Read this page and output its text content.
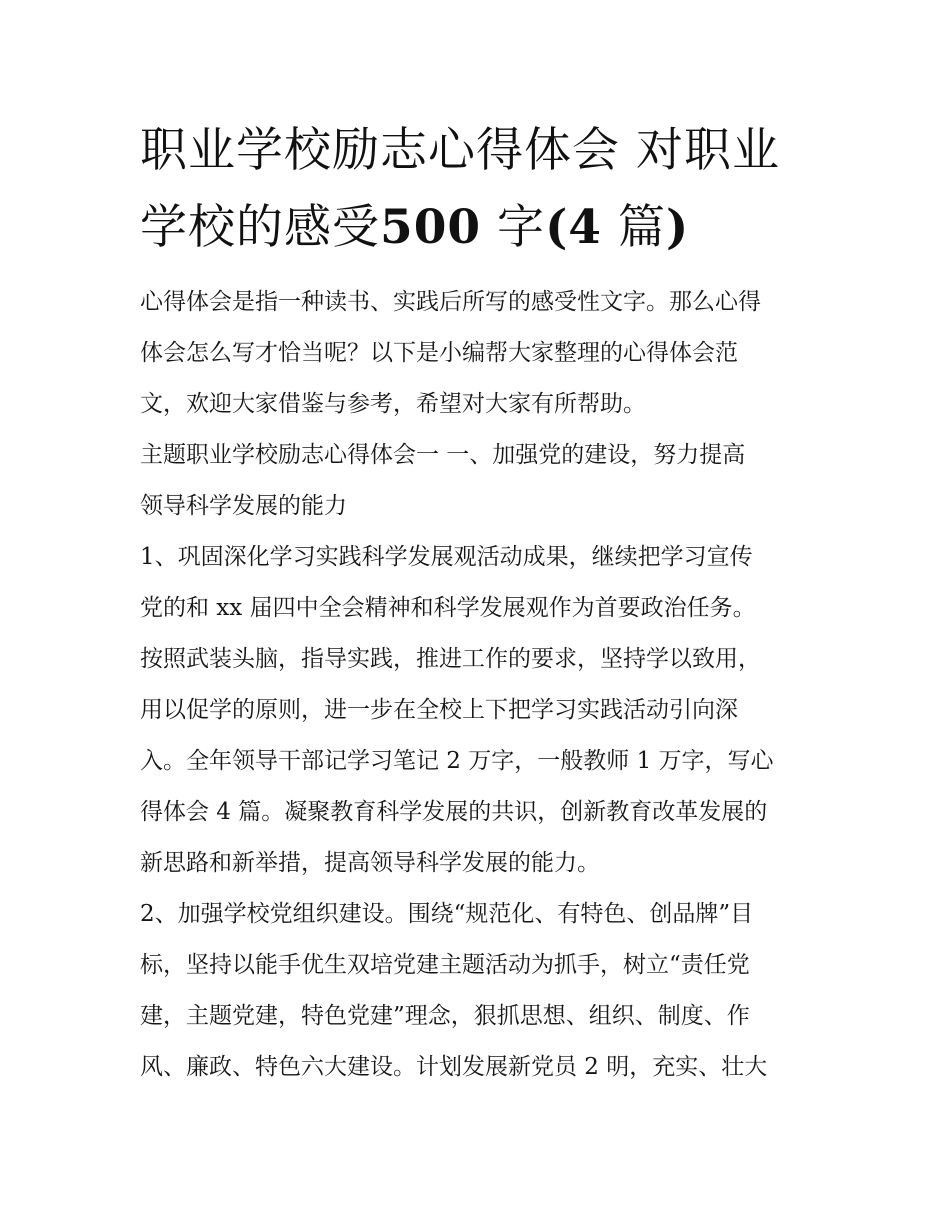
职业学校励志心得体会 对职业
学校的感受500 字(4 篇)
心得体会是指一种读书、实践后所写的感受性文字。那么心得
体会怎么写才恰当呢？以下是小编帮大家整理的心得体会范
文，欢迎大家借鉴与参考，希望对大家有所帮助。
主题职业学校励志心得体会一 一、加强党的建设，努力提高
领导科学发展的能力
1、巩固深化学习实践科学发展观活动成果，继续把学习宣传
党的和 xx 届四中全会精神和科学发展观作为首要政治任务。
按照武装头脑，指导实践，推进工作的要求，坚持学以致用，
用以促学的原则，进一步在全校上下把学习实践活动引向深
入。全年领导干部记学习笔记 2 万字，一般教师 1 万字，写心
得体会 4 篇。凝聚教育科学发展的共识，创新教育改革发展的
新思路和新举措，提高领导科学发展的能力。
2、加强学校党组织建设。围绕“规范化、有特色、创品牌”目
标，坚持以能手优生双培党建主题活动为抓手，树立“责任党
建，主题党建，特色党建”理念，狠抓思想、组织、制度、作
风、廉政、特色六大建设。计划发展新党员 2 明，充实、壮大
